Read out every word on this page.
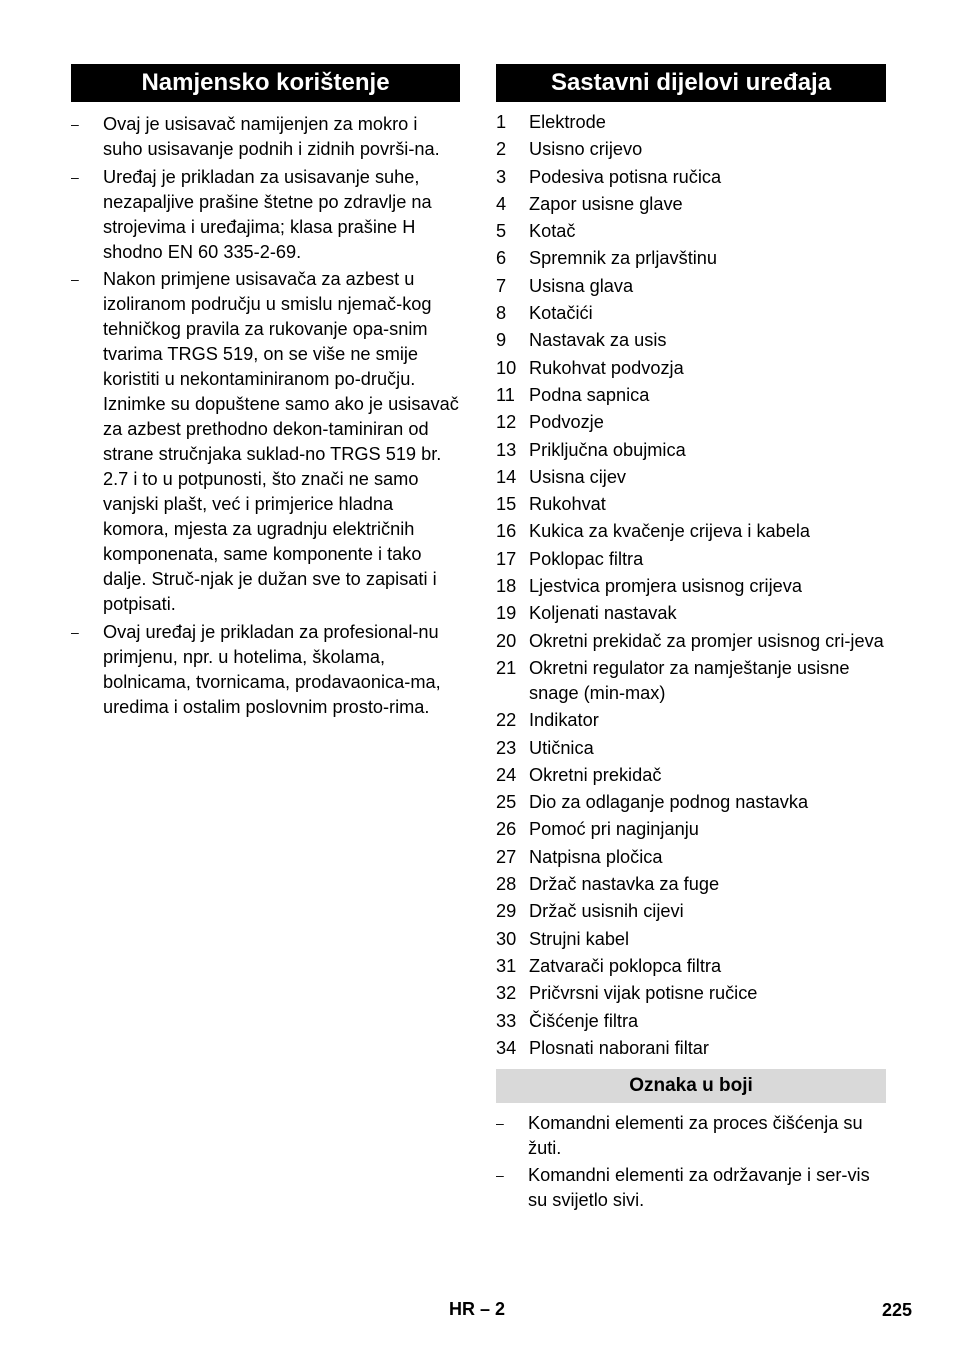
Namjensko korištenje
–	Ovaj je usisavač namijenjen za mokro i suho usisavanje podnih i zidnih površi-na.
–	Uređaj je prikladan za usisavanje suhe, nezapaljive prašine štetne po zdravlje na strojevima i uređajima; klasa prašine H shodno EN 60 335-2-69.
–	Nakon primjene usisavača za azbest u izoliranom području u smislu njemač-kog tehničkog pravila za rukovanje opa-snim tvarima TRGS 519, on se više ne smije koristiti u nekontaminiranom po-dručju. Iznimke su dopuštene samo ako je usisavač za azbest prethodno dekon-taminiran od strane stručnjaka suklad-no TRGS 519 br. 2.7 i to u potpunosti, što znači ne samo vanjski plašt, već i primjerice hladna komora, mjesta za ugradnju električnih komponenata, same komponente i tako dalje. Struč-njak je dužan sve to zapisati i potpisati.
–	Ovaj uređaj je prikladan za profesional-nu primjenu, npr. u hotelima, školama, bolnicama, tvornicama, prodavaonica-ma, uredima i ostalim poslovnim prosto-rima.
Sastavni dijelovi uređaja
1	Elektrode
2	Usisno crijevo
3	Podesiva potisna ručica
4	Zapor usisne glave
5	Kotač
6	Spremnik za prljavštinu
7	Usisna glava
8	Kotačići
9	Nastavak za usis
10 Rukohvat podvozja
11 Podna sapnica
12 Podvozje
13 Priključna obujmica
14 Usisna cijev
15 Rukohvat
16 Kukica za kvačenje crijeva i kabela
17 Poklopac filtra
18 Ljestvica promjera usisnog crijeva
19 Koljenati nastavak
20 Okretni prekidač za promjer usisnog cri-jeva
21 Okretni regulator za namještanje usisne snage (min-max)
22 Indikator
23 Utičnica
24 Okretni prekidač
25 Dio za odlaganje podnog nastavka
26 Pomoć pri naginjanju
27 Natpisna pločica
28 Držač nastavka za fuge
29 Držač usisnih cijevi
30 Strujni kabel
31 Zatvarači poklopca filtra
32 Pričvrsni vijak potisne ručice
33 Čišćenje filtra
34 Plosnati naborani filtar
Oznaka u boji
–	Komandni elementi za proces čišćenja su žuti.
–	Komandni elementi za održavanje i ser-vis su svijetlo sivi.
HR – 2	225
